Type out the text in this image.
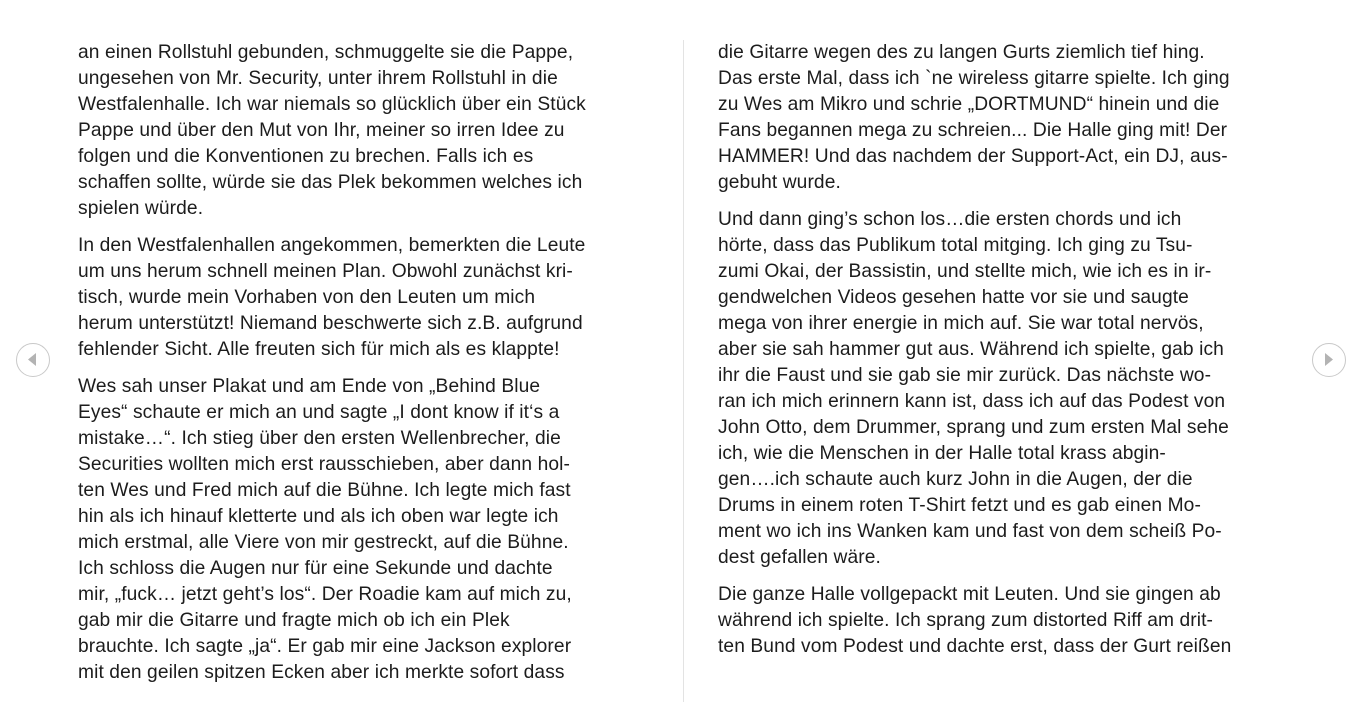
an einen Rollstuhl gebunden, schmuggelte sie die Pappe,
ungesehen von Mr. Security, unter ihrem Rollstuhl in die
Westfalenhalle. Ich war niemals so glücklich über ein Stück
Pappe und über den Mut von Ihr, meiner so irren Idee zu
folgen und die Konventionen zu brechen. Falls ich es
schaffen sollte, würde sie das Plek bekommen welches ich
spielen würde.

In den Westfalenhallen angekommen, bemerkten die Leute
um uns herum schnell meinen Plan. Obwohl zunächst kri-
tisch, wurde mein Vorhaben von den Leuten um mich
herum unterstützt! Niemand beschwerte sich z.B. aufgrund
fehlender Sicht. Alle freuten sich für mich als es klappte!

Wes sah unser Plakat und am Ende von „Behind Blue
Eyes“ schaute er mich an und sagte „I dont know if it‘s a
mistake…“. Ich stieg über den ersten Wellenbrecher, die
Securities wollten mich erst rausschieben, aber dann hol-
ten Wes und Fred mich auf die Bühne. Ich legte mich fast
hin als ich hinauf kletterte und als ich oben war legte ich
mich erstmal, alle Viere von mir gestreckt, auf die Bühne.
Ich schloss die Augen nur für eine Sekunde und dachte
mir, „fuck… jetzt geht’s los“. Der Roadie kam auf mich zu,
gab mir die Gitarre und fragte mich ob ich ein Plek
brauchte. Ich sagte „ja“. Er gab mir eine Jackson explorer
mit den geilen spitzen Ecken aber ich merkte sofort dass

die Gitarre wegen des zu langen Gurts ziemlich tief hing.
Das erste Mal, dass ich `ne wireless gitarre spielte. Ich ging
zu Wes am Mikro und schrie „DORTMUND“ hinein und die
Fans begannen mega zu schreien... Die Halle ging mit! Der
HAMMER! Und das nachdem der Support-Act, ein DJ, aus-
gebuht wurde.

Und dann ging’s schon los…die ersten chords und ich
hörte, dass das Publikum total mitging. Ich ging zu Tsu-
zumi Okai, der Bassistin, und stellte mich, wie ich es in ir-
gendwelchen Videos gesehen hatte vor sie und saugte
mega von ihrer energie in mich auf. Sie war total nervös,
aber sie sah hammer gut aus. Während ich spielte, gab ich
ihr die Faust und sie gab sie mir zurück. Das nächste wo-
ran ich mich erinnern kann ist, dass ich auf das Podest von
John Otto, dem Drummer, sprang und zum ersten Mal sehe
ich, wie die Menschen in der Halle total krass abgin-
gen….ich schaute auch kurz John in die Augen, der die
Drums in einem roten T-Shirt fetzt und es gab einen Mo-
ment wo ich ins Wanken kam und fast von dem scheiß Po-
dest gefallen wäre.

Die ganze Halle vollgepackt mit Leuten. Und sie gingen ab
während ich spielte. Ich sprang zum distorted Riff am drit-
ten Bund vom Podest und dachte erst, dass der Gurt reißen
